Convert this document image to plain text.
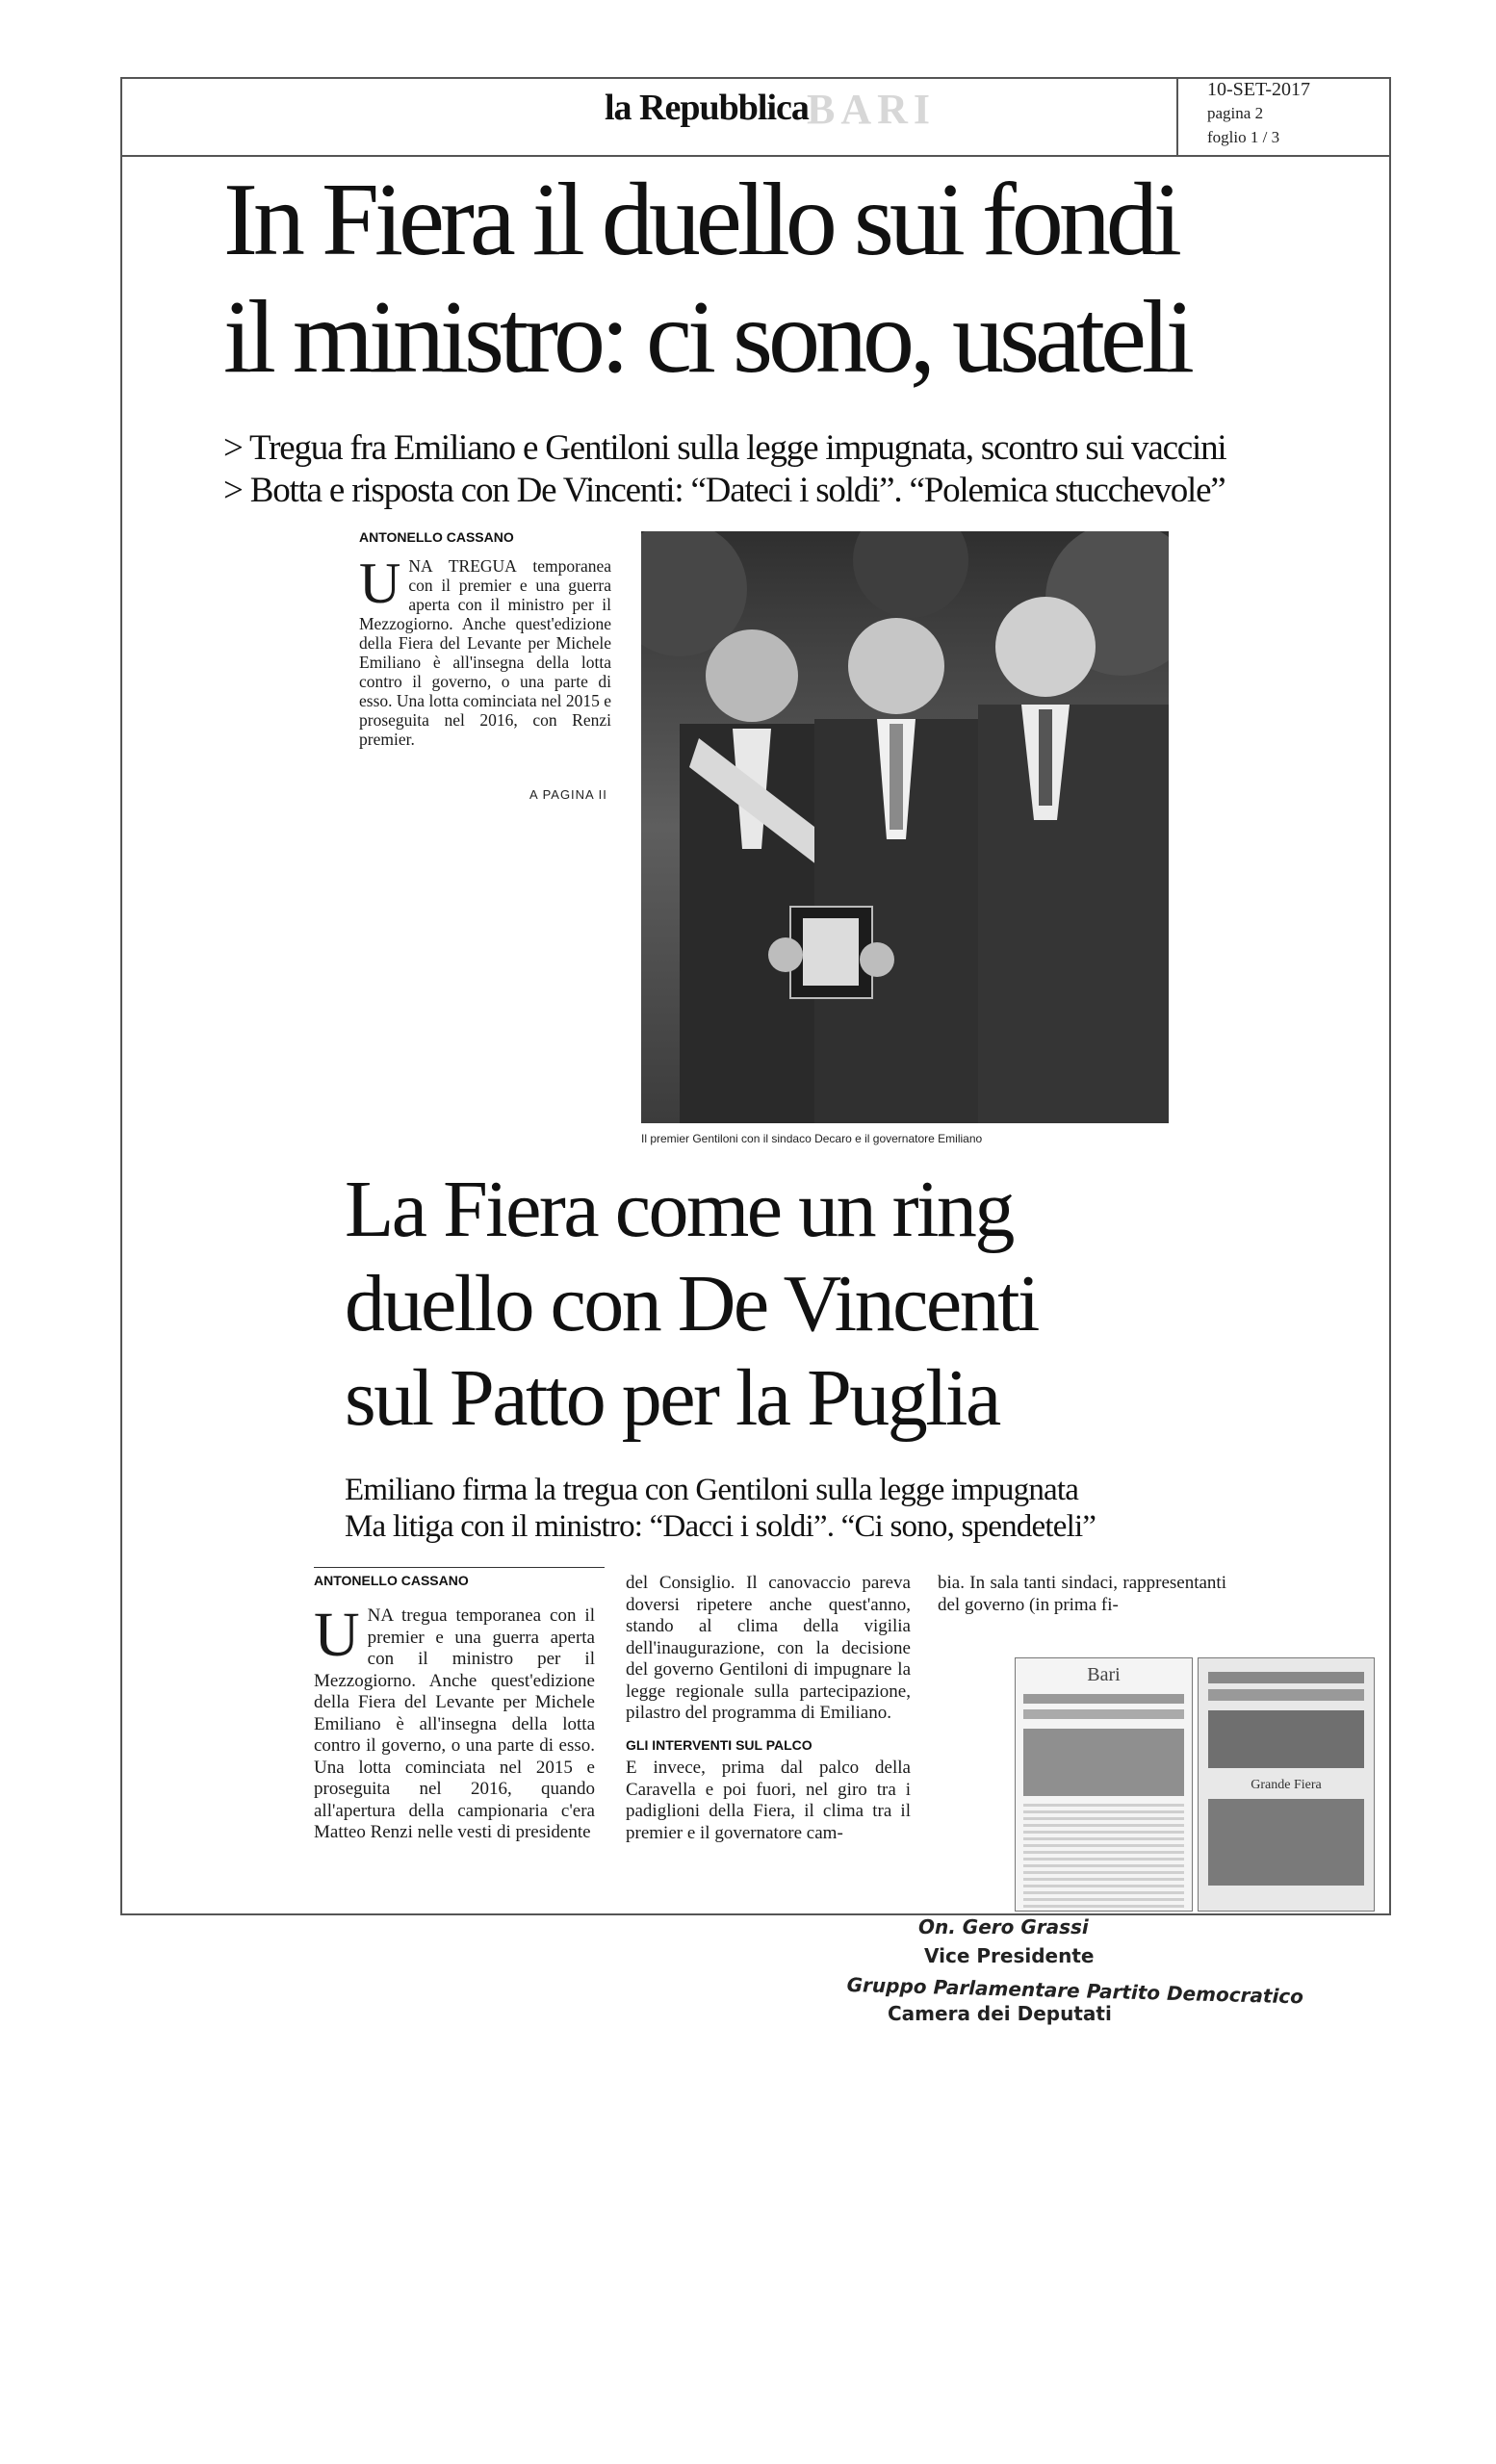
la Repubblica
BARI	10-SET-2017
pagina 2
foglio 1 / 3
In Fiera il duello sui fondi
il ministro: ci sono, usateli
> Tregua fra Emiliano e Gentiloni sulla legge impugnata, scontro sui vaccini
> Botta e risposta con De Vincenti: “Dateci i soldi”. “Polemica stucchevole”
ANTONELLO CASSANO
U NA TREGUA temporanea con il premier e una guerra aperta con il ministro per il Mezzogiorno. Anche quest'edizione della Fiera del Levante per Michele Emiliano è all'insegna della lotta contro il governo, o una parte di esso. Una lotta cominciata nel 2015 e proseguita nel 2016, con Renzi premier.
A PAGINA II
Il premier Gentiloni con il sindaco Decaro e il governatore Emiliano
La Fiera come un ring
duello con De Vincenti
sul Patto per la Puglia
Emiliano firma la tregua con Gentiloni sulla legge impugnata
Ma litiga con il ministro: “Dacci i soldi”. “Ci sono, spendeteli”
ANTONELLO CASSANO
U NA tregua temporanea con il premier e una guerra aperta con il ministro per il Mezzogiorno. Anche quest'edizione della Fiera del Levante per Michele Emiliano è all'insegna della lotta contro il governo, o una parte di esso. Una lotta cominciata nel 2015 e proseguita nel 2016, quando all'apertura della campionaria c'era Matteo Renzi nelle vesti di presidente
del Consiglio. Il canovaccio pareva doversi ripetere anche quest'anno, stando al clima della vigilia dell'inaugurazione, con la decisione del governo Gentiloni di impugnare la legge regionale sulla partecipazione, pilastro del programma di Emiliano.
GLI INTERVENTI SUL PALCO
E invece, prima dal palco della Caravella e poi fuori, nel giro tra i padiglioni della Fiera, il clima tra il premier e il governatore cam-
bia. In sala tanti sindaci, rappresentanti del governo (in prima fi-
Bari
Grande Fiera
On. Gero Grassi
Vice Presidente
Gruppo Parlamentare Partito Democratico
Camera dei Deputati
